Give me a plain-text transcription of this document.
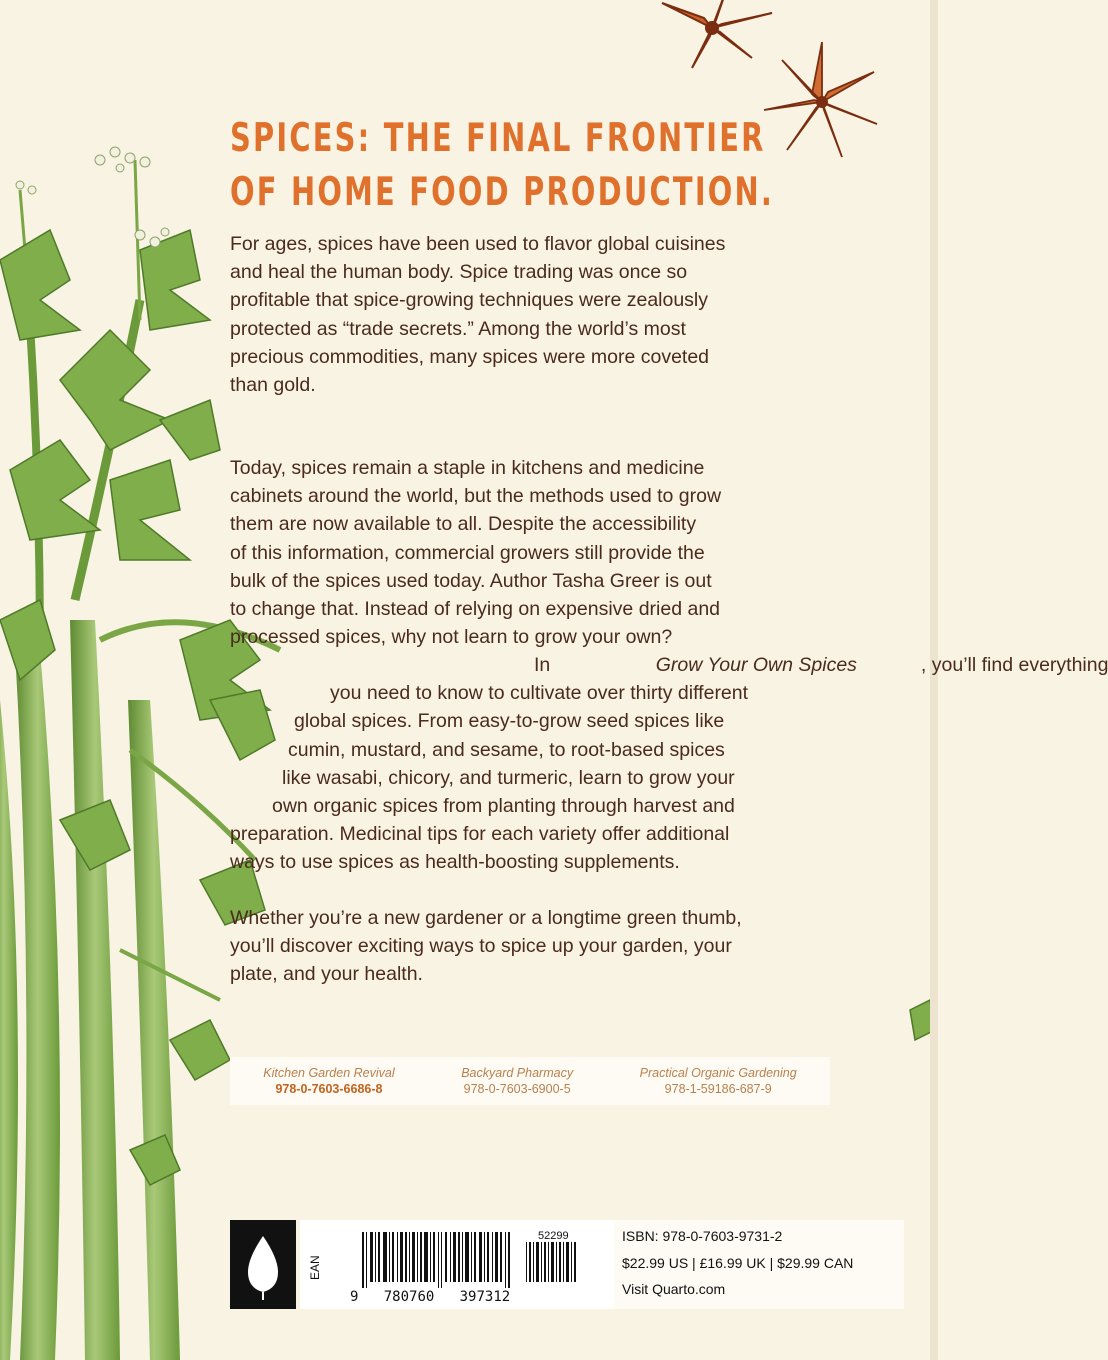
SPICES: THE FINAL FRONTIER
OF HOME FOOD PRODUCTION.

For ages, spices have been used to flavor global cuisines
and heal the human body. Spice trading was once so
profitable that spice-growing techniques were zealously
protected as “trade secrets.” Among the world’s most
precious commodities, many spices were more coveted
than gold.

Today, spices remain a staple in kitchens and medicine
cabinets around the world, but the methods used to grow
them are now available to all. Despite the accessibility
of this information, commercial growers still provide the
bulk of the spices used today. Author Tasha Greer is out
to change that. Instead of relying on expensive dried and
processed spices, why not learn to grow your own?

In	Grow Your Own Spices	, you’ll find everything
you need to know to cultivate over thirty different
global spices. From easy-to-grow seed spices like
cumin, mustard, and sesame, to root-based spices
like wasabi, chicory, and turmeric, learn to grow your
own organic spices from planting through harvest and
preparation. Medicinal tips for each variety offer additional
ways to use spices as health-boosting supplements.

Whether you’re a new gardener or a longtime green thumb,
you’ll discover exciting ways to spice up your garden, your
plate, and your health.

Kitchen Garden Revival
978-0-7603-6686-8
Backyard Pharmacy
978-0-7603-6900-5
Practical Organic Gardening
978-1-59186-687-9
EAN
52299
9 780760 397312
ISBN: 978-0-7603-9731-2
$22.99 US | £16.99 UK | $29.99 CAN
Visit Quarto.com
